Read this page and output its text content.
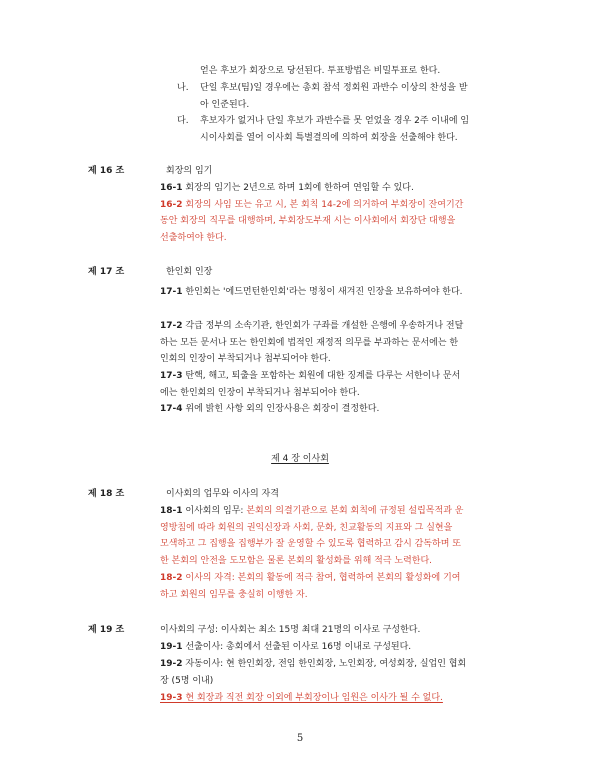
얻은 후보가 회장으로 당선된다. 투표방법은 비밀투표로 한다.
나. 단일 후보(팀)일 경우에는 총회 참석 정회원 과반수 이상의 찬성을 받
아 인준된다.
다. 후보자가 없거나 단일 후보가 과반수를 못 얻었을 경우 2주 이내에 임
시이사회를 열어 이사회 특별결의에 의하여 회장을 선출해야 한다.
제 16 조	회장의 임기
16-1 회장의 임기는 2년으로 하며 1회에 한하여 연임할 수 있다.
16-2 회장의 사임 또는 유고 시, 본 회칙 14-2에 의거하여 부회장이 잔여기간
동안 회장의 직무를 대행하며, 부회장도부재 시는 이사회에서 회장단 대행을
선출하여야 한다.
제 17 조	한인회 인장
17-1 한인회는 '에드먼턴한인회'라는 명칭이 새겨진 인장을 보유하여야 한다.
17-2 각급 정부의 소속기관, 한인회가 구좌를 개설한 은행에 우송하거나 전달
하는 모든 문서나 또는 한인회에 법적인 재정적 의무를 부과하는 문서에는 한
인회의 인장이 부착되거나 첨부되어야 한다.
17-3 탄핵, 해고, 퇴출을 포함하는 회원에 대한 징계를 다루는 서한이나 문서
에는 한인회의 인장이 부착되거나 첨부되어야 한다.
17-4 위에 밝힌 사항 외의 인장사용은 회장이 결정한다.
제 4 장 이사회
제 18 조	이사회의 업무와 이사의 자격
18-1 이사회의 임무: 본회의 의결기관으로 본회 회칙에 규정된 설립목적과 운
영방침에 따라 회원의 권익신장과 사회, 문화, 친교활동의 지표와 그 실현을
모색하고 그 집행을 집행부가 잘 운영할 수 있도록 협력하고 감시 감독하며 또
한 본회의 안전을 도모함은 물론 본회의 활성화를 위해 적극 노력한다.
18-2 이사의 자격: 본회의 활동에 적극 참여, 협력하여 본회의 활성화에 기여
하고 회원의 임무를 충실히 이행한 자.
제 19 조	이사회의 구성: 이사회는 최소 15명 최대 21명의 이사로 구성한다.
19-1 선출이사: 총회에서 선출된 이사로 16명 이내로 구성된다.
19-2 자동이사: 현 한인회장, 전임 한인회장, 노인회장, 여성회장, 실업인 협회
장 (5명 이내)
19-3 현 회장과 직전 회장 이외에 부회장이나 임원은 이사가 될 수 없다.
5
